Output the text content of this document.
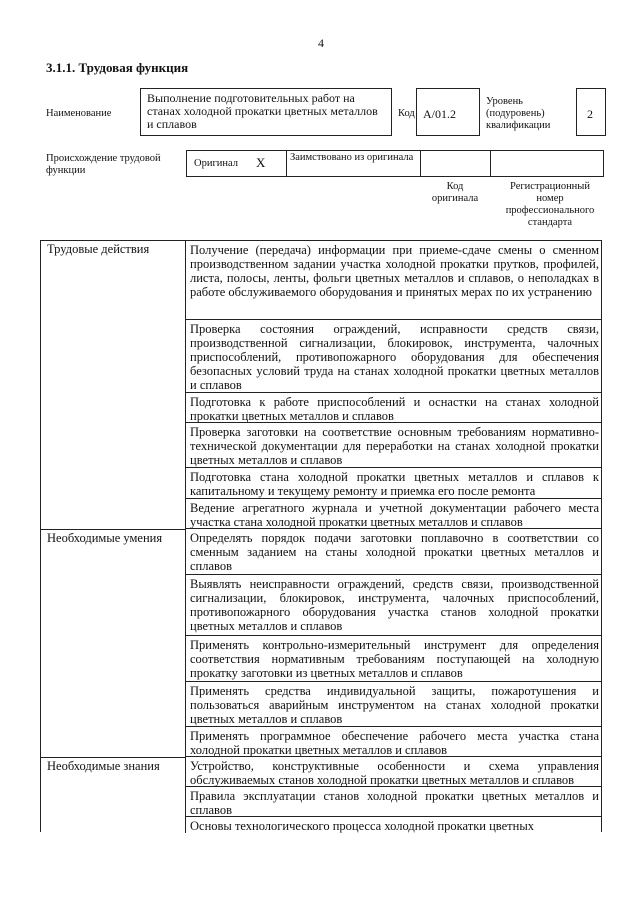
4
3.1.1. Трудовая функция
Наименование
Выполнение подготовительных работ на станах холодной прокатки цветных металлов и сплавов
Код А/01.2
Уровень (подуровень) квалификации
2
Происхождение трудовой функции
Оригинал X Заимствовано из оригинала
Код оригинала
Регистрационный номер профессионального стандарта
Трудовые действия	Получение (передача) информации при приеме-сдаче смены о сменном производственном задании участка холодной прокатки прутков, профилей, листа, полосы, ленты, фольги цветных металлов и сплавов, о неполадках в работе обслуживаемого оборудования и принятых мерах по их устранению
Проверка состояния ограждений, исправности средств связи, производственной сигнализации, блокировок, инструмента, чалочных приспособлений, противопожарного оборудования для обеспечения безопасных условий труда на станах холодной прокатки цветных металлов и сплавов
Подготовка к работе приспособлений и оснастки на станах холодной прокатки цветных металлов и сплавов
Проверка заготовки на соответствие основным требованиям нормативно-технической документации для переработки на станах холодной прокатки цветных металлов и сплавов
Подготовка стана холодной прокатки цветных металлов и сплавов к капитальному и текущему ремонту и приемка его после ремонта
Ведение агрегатного журнала и учетной документации рабочего места участка стана холодной прокатки цветных металлов и сплавов
Необходимые умения	Определять порядок подачи заготовки поплавочно в соответствии со сменным заданием на станы холодной прокатки цветных металлов и сплавов
Выявлять неисправности ограждений, средств связи, производственной сигнализации, блокировок, инструмента, чалочных приспособлений, противопожарного оборудования участка станов холодной прокатки цветных металлов и сплавов
Применять контрольно-измерительный инструмент для определения соответствия нормативным требованиям поступающей на холодную прокатку заготовки из цветных металлов и сплавов
Применять средства индивидуальной защиты, пожаротушения и пользоваться аварийным инструментом на станах холодной прокатки цветных металлов и сплавов
Применять программное обеспечение рабочего места участка стана холодной прокатки цветных металлов и сплавов
Необходимые знания	Устройство, конструктивные особенности и схема управления обслуживаемых станов холодной прокатки цветных металлов и сплавов
Правила эксплуатации станов холодной прокатки цветных металлов и сплавов
Основы технологического процесса холодной прокатки цветных
